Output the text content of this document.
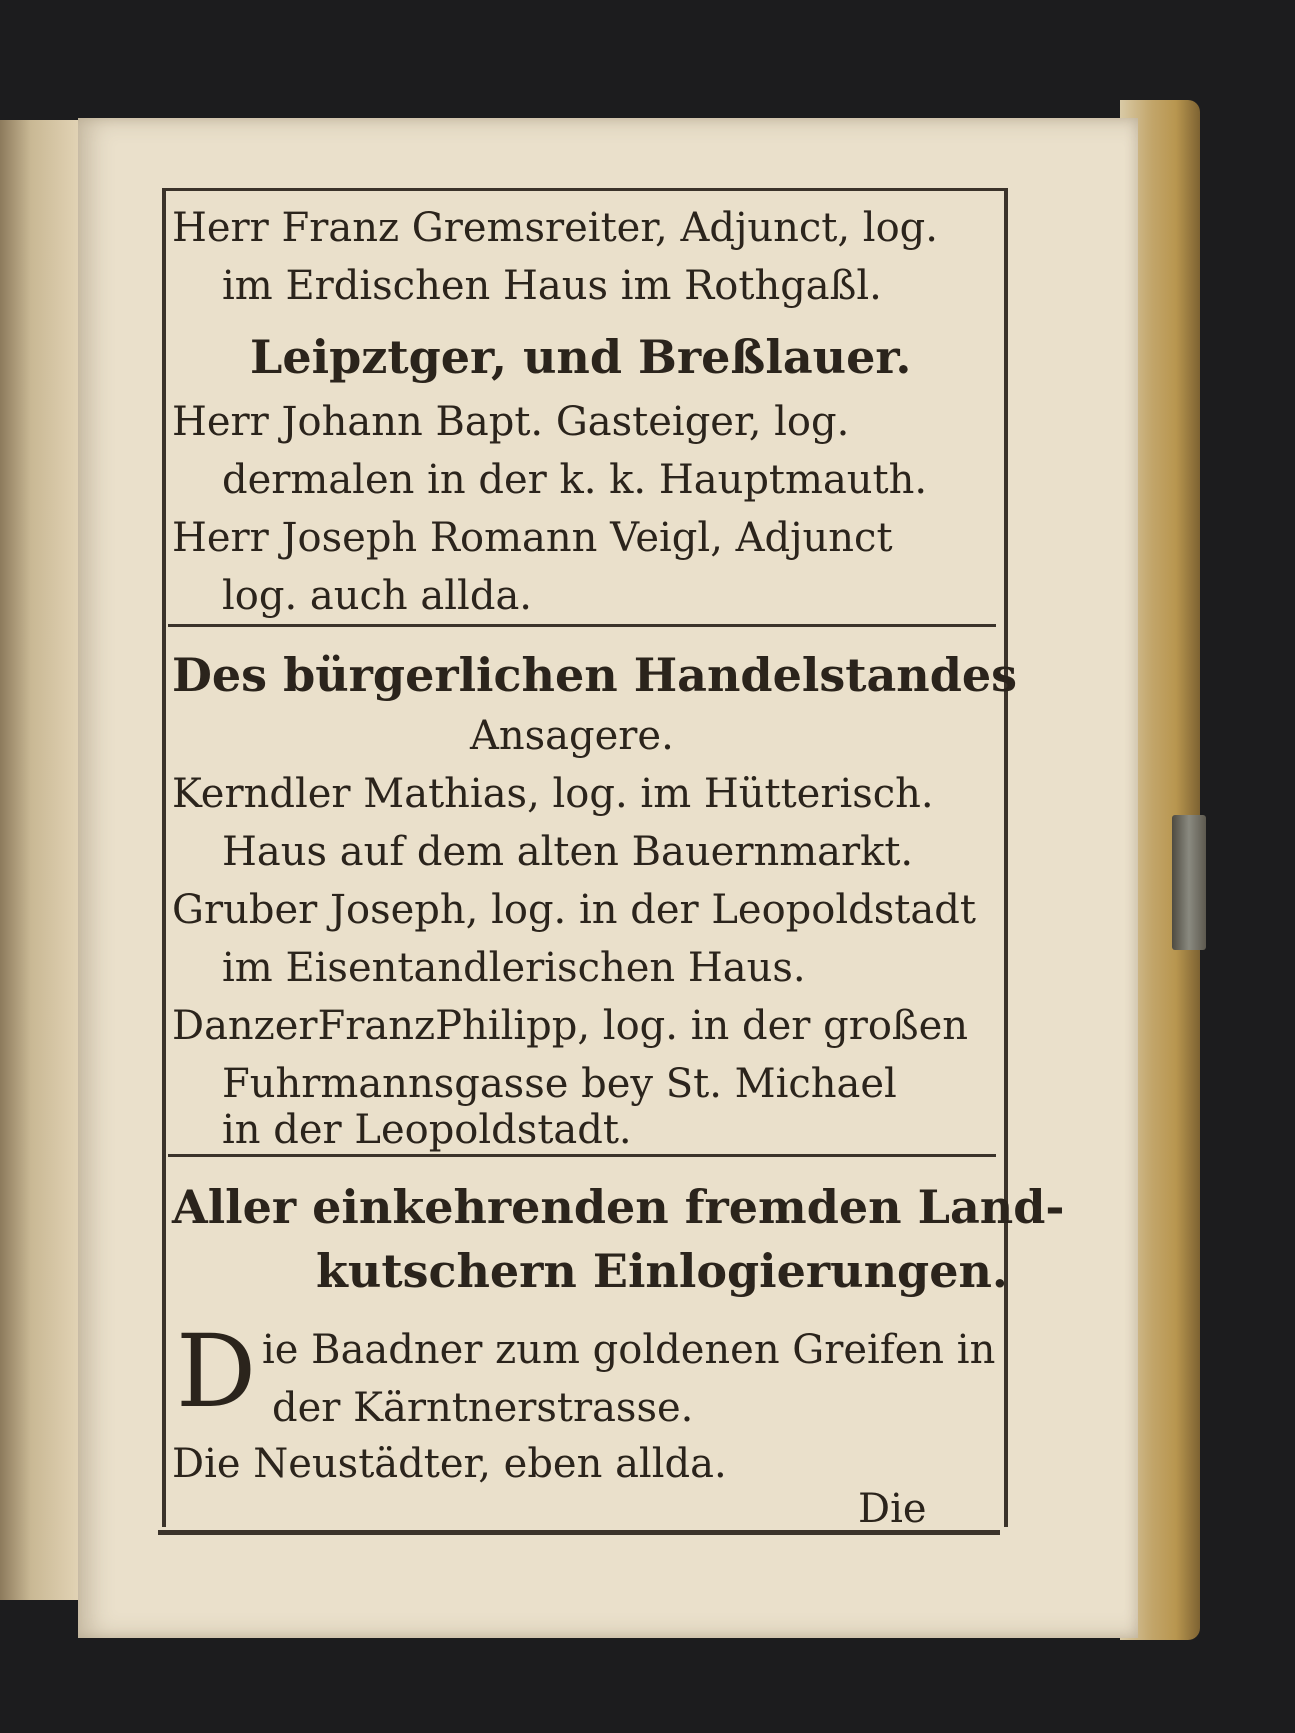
Herr Franz Gremsreiter, Adjunct, log.
im Erdischen Haus im Rothgaßl.
Leipztger, und Breßlauer.
Herr Johann Bapt. Gasteiger, log.
dermalen in der k. k. Hauptmauth.
Herr Joseph Romann Veigl, Adjunct
log. auch allda.
Des bürgerlichen Handelstandes
Ansagere.
Kerndler Mathias, log. im Hütterisch.
Haus auf dem alten Bauernmarkt.
Gruber Joseph, log. in der Leopoldstadt
im Eisentandlerischen Haus.
DanzerFranzPhilipp, log. in der großen
Fuhrmannsgasse bey St. Michael
in der Leopoldstadt.
Aller einkehrenden fremden Land-
kutschern Einlogierungen.
D ie Baadner zum goldenen Greifen in
der Kärntnerstrasse.
Die Neustädter, eben allda.
Die
